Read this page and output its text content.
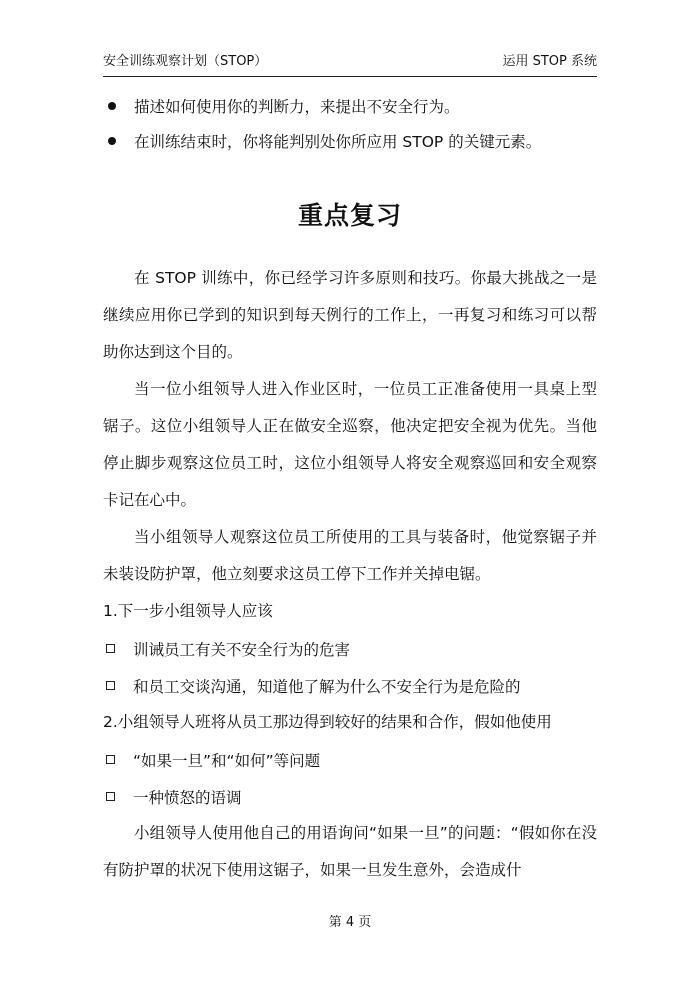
安全训练观察计划（STOP）	运用 STOP 系统
描述如何使用你的判断力，来提出不安全行为。
在训练结束时，你将能判别处你所应用 STOP 的关键元素。
重点复习

在 STOP 训练中，你已经学习许多原则和技巧。你最大挑战之一是继续应用你已学到的知识到每天例行的工作上，一再复习和练习可以帮助你达到这个目的。

当一位小组领导人进入作业区时，一位员工正准备使用一具桌上型锯子。这位小组领导人正在做安全巡察，他决定把安全视为优先。当他停止脚步观察这位员工时，这位小组领导人将安全观察巡回和安全观察卡记在心中。

当小组领导人观察这位员工所使用的工具与装备时，他觉察锯子并未装设防护罩，他立刻要求这员工停下工作并关掉电锯。

1.下一步小组领导人应该

训诫员工有关不安全行为的危害
和员工交谈沟通，知道他了解为什么不安全行为是危险的

2.小组领导人班将从员工那边得到较好的结果和合作，假如他使用

“如果一旦”和“如何”等问题
一种愤怒的语调

小组领导人使用他自己的用语询问“如果一旦”的问题：“假如你在没有防护罩的状况下使用这锯子，如果一旦发生意外，会造成什

第 4 页
